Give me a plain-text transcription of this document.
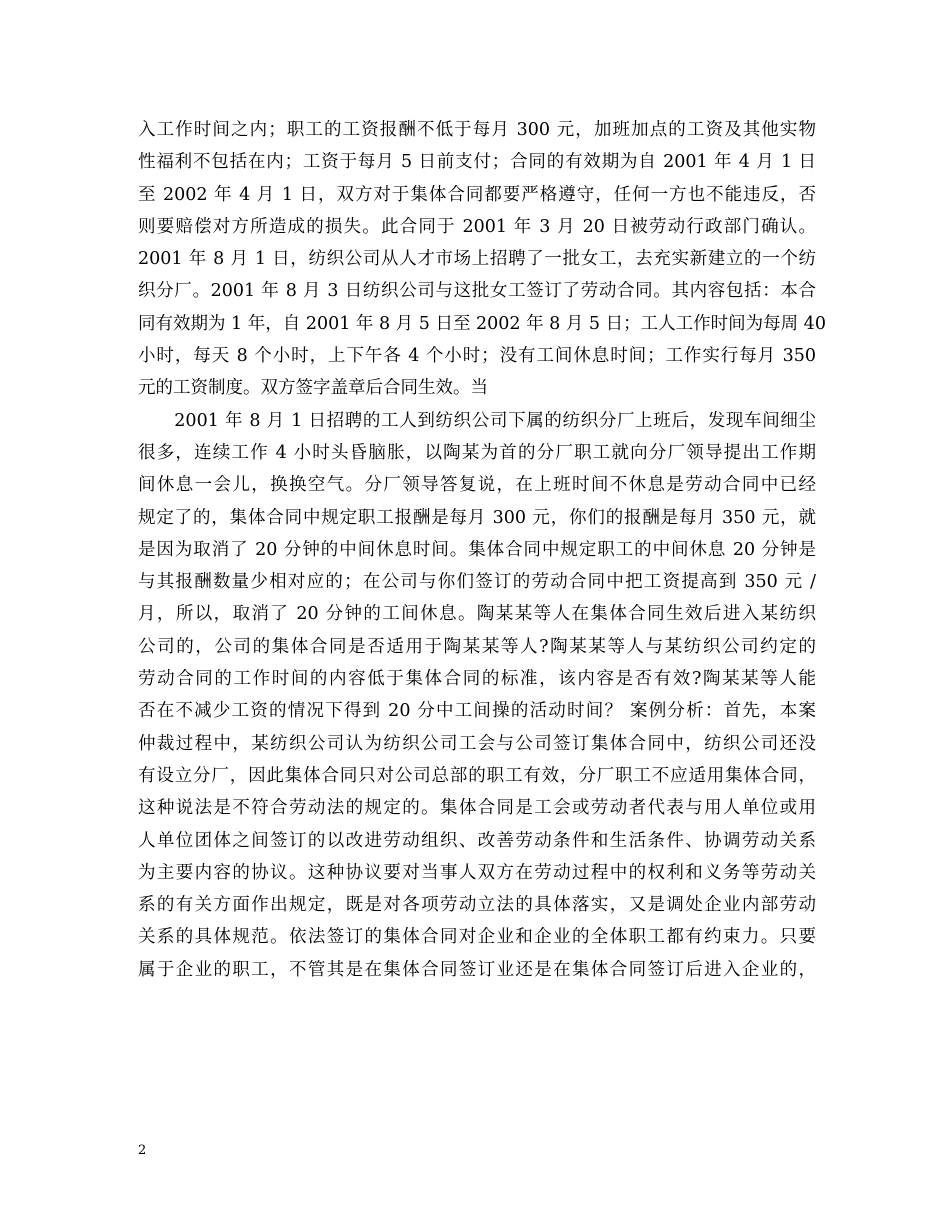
入工作时间之内；职工的工资报酬不低于每月 300 元，加班加点的工资及其他实物
性福利不包括在内；工资于每月 5 日前支付；合同的有效期为自 2001 年 4 月 1 日
至 2002 年 4 月 1 日，双方对于集体合同都要严格遵守，任何一方也不能违反，否
则要赔偿对方所造成的损失。此合同于 2001 年 3 月 20 日被劳动行政部门确认。
2001 年 8 月 1 日，纺织公司从人才市场上招聘了一批女工，去充实新建立的一个纺
织分厂。2001 年 8 月 3 日纺织公司与这批女工签订了劳动合同。其内容包括：本合
同有效期为 1 年，自 2001 年 8 月 5 日至 2002 年 8 月 5 日；工人工作时间为每周 40
小时，每天 8 个小时，上下午各 4 个小时；没有工间休息时间；工作实行每月 350
元的工资制度。双方签字盖章后合同生效。当
　　2001 年 8 月 1 日招聘的工人到纺织公司下属的纺织分厂上班后，发现车间细尘
很多，连续工作 4 小时头昏脑胀，以陶某为首的分厂职工就向分厂领导提出工作期
间休息一会儿，换换空气。分厂领导答复说，在上班时间不休息是劳动合同中已经
规定了的，集体合同中规定职工报酬是每月 300 元，你们的报酬是每月 350 元，就
是因为取消了 20 分钟的中间休息时间。集体合同中规定职工的中间休息 20 分钟是
与其报酬数量少相对应的；在公司与你们签订的劳动合同中把工资提高到 350 元 /
月，所以，取消了 20 分钟的工间休息。陶某某等人在集体合同生效后进入某纺织
公司的，公司的集体合同是否适用于陶某某等人?陶某某等人与某纺织公司约定的
劳动合同的工作时间的内容低于集体合同的标准，该内容是否有效?陶某某等人能
否在不减少工资的情况下得到 20 分中工间操的活动时间？ 案例分析：首先，本案
仲裁过程中，某纺织公司认为纺织公司工会与公司签订集体合同中，纺织公司还没
有设立分厂，因此集体合同只对公司总部的职工有效，分厂职工不应适用集体合同，
这种说法是不符合劳动法的规定的。集体合同是工会或劳动者代表与用人单位或用
人单位团体之间签订的以改进劳动组织、改善劳动条件和生活条件、协调劳动关系
为主要内容的协议。这种协议要对当事人双方在劳动过程中的权利和义务等劳动关
系的有关方面作出规定，既是对各项劳动立法的具体落实，又是调处企业内部劳动
关系的具体规范。依法签订的集体合同对企业和企业的全体职工都有约束力。只要
属于企业的职工，不管其是在集体合同签订业还是在集体合同签订后进入企业的，
2
